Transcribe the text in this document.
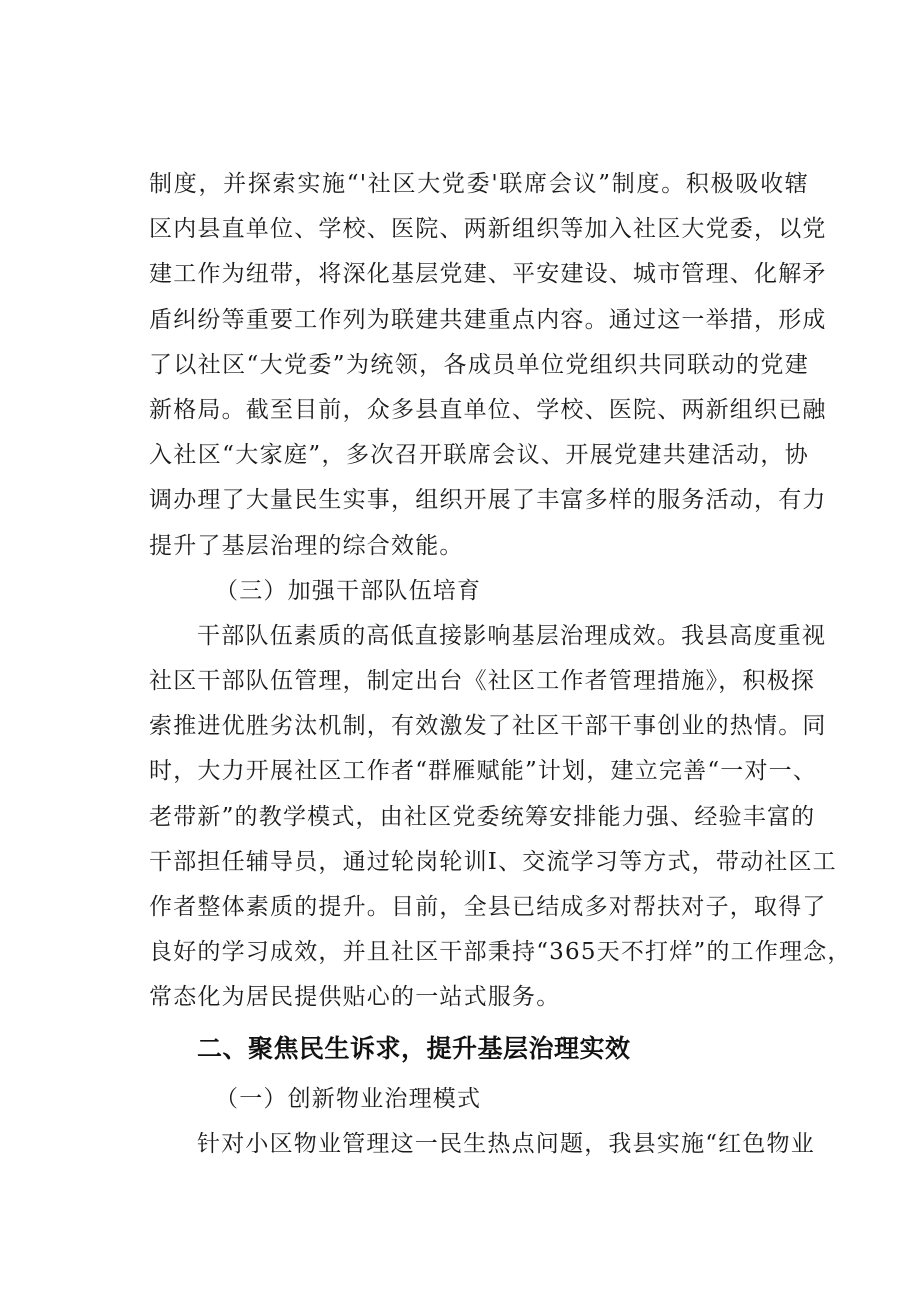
制度，并探索实施“'社区大党委'联席会议”制度。积极吸收辖
区内县直单位、学校、医院、两新组织等加入社区大党委，以党
建工作为纽带，将深化基层党建、平安建设、城市管理、化解矛
盾纠纷等重要工作列为联建共建重点内容。通过这一举措，形成
了以社区“大党委”为统领，各成员单位党组织共同联动的党建
新格局。截至目前，众多县直单位、学校、医院、两新组织已融
入社区“大家庭”，多次召开联席会议、开展党建共建活动，协
调办理了大量民生实事，组织开展了丰富多样的服务活动，有力
提升了基层治理的综合效能。
（三）加强干部队伍培育
干部队伍素质的高低直接影响基层治理成效。我县高度重视
社区干部队伍管理，制定出台《社区工作者管理措施》，积极探
索推进优胜劣汰机制，有效激发了社区干部干事创业的热情。同
时，大力开展社区工作者“群雁赋能”计划，建立完善“一对一、
老带新”的教学模式，由社区党委统筹安排能力强、经验丰富的
干部担任辅导员，通过轮岗轮训I、交流学习等方式，带动社区工
作者整体素质的提升。目前，全县已结成多对帮扶对子，取得了
良好的学习成效，并且社区干部秉持“365天不打烊”的工作理念，
常态化为居民提供贴心的一站式服务。
二、聚焦民生诉求，提升基层治理实效
（一）创新物业治理模式
针对小区物业管理这一民生热点问题，我县实施“红色物业
